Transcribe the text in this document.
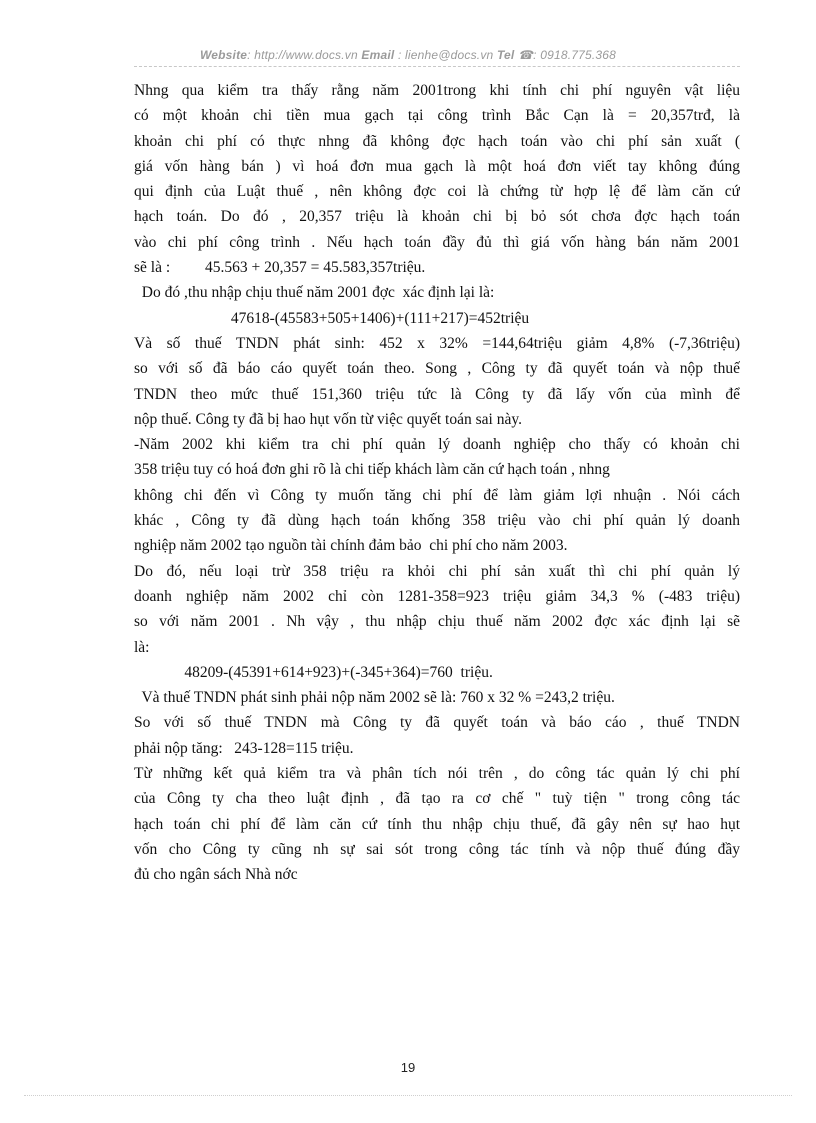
Website: http://www.docs.vn Email : lienhe@docs.vn Tel ☎: 0918.775.368
Nhng qua kiểm tra thấy rằng năm 2001trong khi tính chi phí nguyên vật liệu
có một khoản chi tiền mua gạch tại công trình Bắc Cạn là = 20,357trđ, là
khoản chi phí có thực nhng đã không đợc hạch toán vào chi phí sản xuất (
giá vốn hàng bán ) vì hoá đơn mua gạch là một hoá đơn viết tay không đúng
qui định của Luật thuế , nên không đợc coi là chứng từ hợp lệ để làm căn cứ
hạch toán. Do đó , 20,357 triệu là khoản chi bị bỏ sót chơa đợc hạch toán
vào chi phí công trình . Nếu hạch toán đầy đủ thì giá vốn hàng bán năm 2001
sẽ là :         45.563 + 20,357 = 45.583,357triệu.
Do đó ,thu nhập chịu thuế năm 2001 đợc  xác định lại là:
47618-(45583+505+1406)+(111+217)=452triệu
Và số thuế TNDN phát sinh: 452 x 32% =144,64triệu giảm 4,8% (-7,36triệu)
so với số đã báo cáo quyết toán theo. Song , Công ty đã quyết toán và nộp thuế
TNDN theo mức thuế 151,360 triệu tức là Công ty đã lấy vốn của mình để
nộp thuế. Công ty đã bị hao hụt vốn từ việc quyết toán sai này.
-Năm 2002 khi kiểm tra chi phí quản lý doanh nghiệp cho thấy có khoản chi
358 triệu tuy có hoá đơn ghi rõ là chi tiếp khách làm căn cứ hạch toán , nhng
không chi đến vì Công ty muốn tăng chi phí để làm giảm lợi nhuận . Nói cách
khác , Công ty đã dùng hạch toán khống 358 triệu vào chi phí quản lý doanh
nghiệp năm 2002 tạo nguồn tài chính đảm bảo  chi phí cho năm 2003.
Do đó, nếu loại trừ 358 triệu ra khỏi chi phí sản xuất thì chi phí quản lý
doanh nghiệp năm 2002 chỉ còn 1281-358=923 triệu giảm 34,3 % (-483 triệu)
so với năm 2001 . Nh vậy , thu nhập chịu thuế năm 2002 đợc xác định lại sẽ
là:
48209-(45391+614+923)+(-345+364)=760  triệu.
Và thuế TNDN phát sinh phải nộp năm 2002 sẽ là: 760 x 32 % =243,2 triệu.
So với số thuế TNDN mà Công ty đã quyết toán và báo cáo , thuế TNDN
phải nộp tăng:   243-128=115 triệu.
Từ những kết quả kiểm tra và phân tích nói trên , do công tác quản lý chi phí
của Công ty cha theo luật định , đã tạo ra cơ chế " tuỳ tiện " trong công tác
hạch toán chi phí để làm căn cứ tính thu nhập chịu thuế, đã gây nên sự hao hụt
vốn cho Công ty cũng nh sự sai sót trong công tác tính và nộp thuế đúng đầy
đủ cho ngân sách Nhà nớc
19
